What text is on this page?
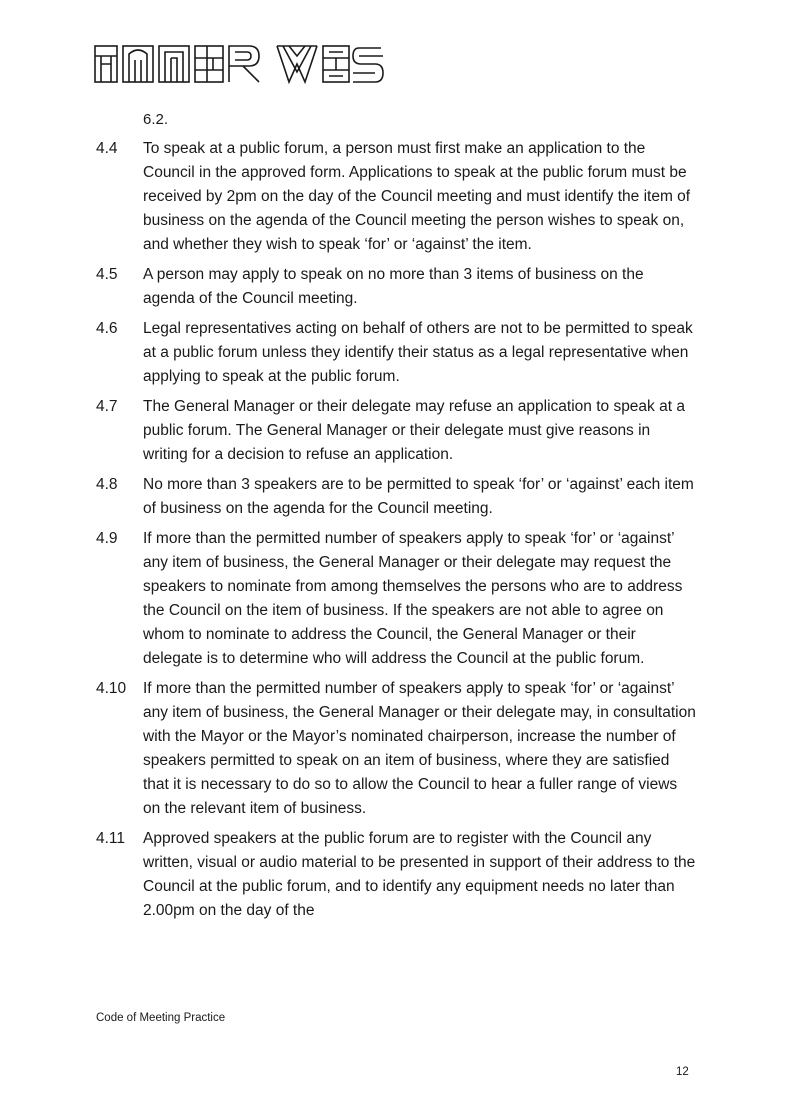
6.2.
4.4	To speak at a public forum, a person must first make an application to the Council in the approved form. Applications to speak at the public forum must be received by 2pm on the day of the Council meeting and must identify the item of business on the agenda of the Council meeting the person wishes to speak on, and whether they wish to speak ‘for’ or ‘against’ the item.
4.5	A person may apply to speak on no more than 3 items of business on the agenda of the Council meeting.
4.6	Legal representatives acting on behalf of others are not to be permitted to speak at a public forum unless they identify their status as a legal representative when applying to speak at the public forum.
4.7	The General Manager or their delegate may refuse an application to speak at a public forum. The General Manager or their delegate must give reasons in writing for a decision to refuse an application.
4.8	No more than 3 speakers are to be permitted to speak ‘for’ or ‘against’ each item of business on the agenda for the Council meeting.
4.9	If more than the permitted number of speakers apply to speak ‘for’ or ‘against’ any item of business, the General Manager or their delegate may request the speakers to nominate from among themselves the persons who are to address the Council on the item of business. If the speakers are not able to agree on whom to nominate to address the Council, the General Manager or their delegate is to determine who will address the Council at the public forum.
4.10	If more than the permitted number of speakers apply to speak ‘for’ or ‘against’ any item of business, the General Manager or their delegate may, in consultation with the Mayor or the Mayor’s nominated chairperson, increase the number of speakers permitted to speak on an item of business, where they are satisfied that it is necessary to do so to allow the Council to hear a fuller range of views on the relevant item of business.
4.11	Approved speakers at the public forum are to register with the Council any written, visual or audio material to be presented in support of their address to the Council at the public forum, and to identify any equipment needs no later than 2.00pm on the day of the
Code of Meeting Practice
12
